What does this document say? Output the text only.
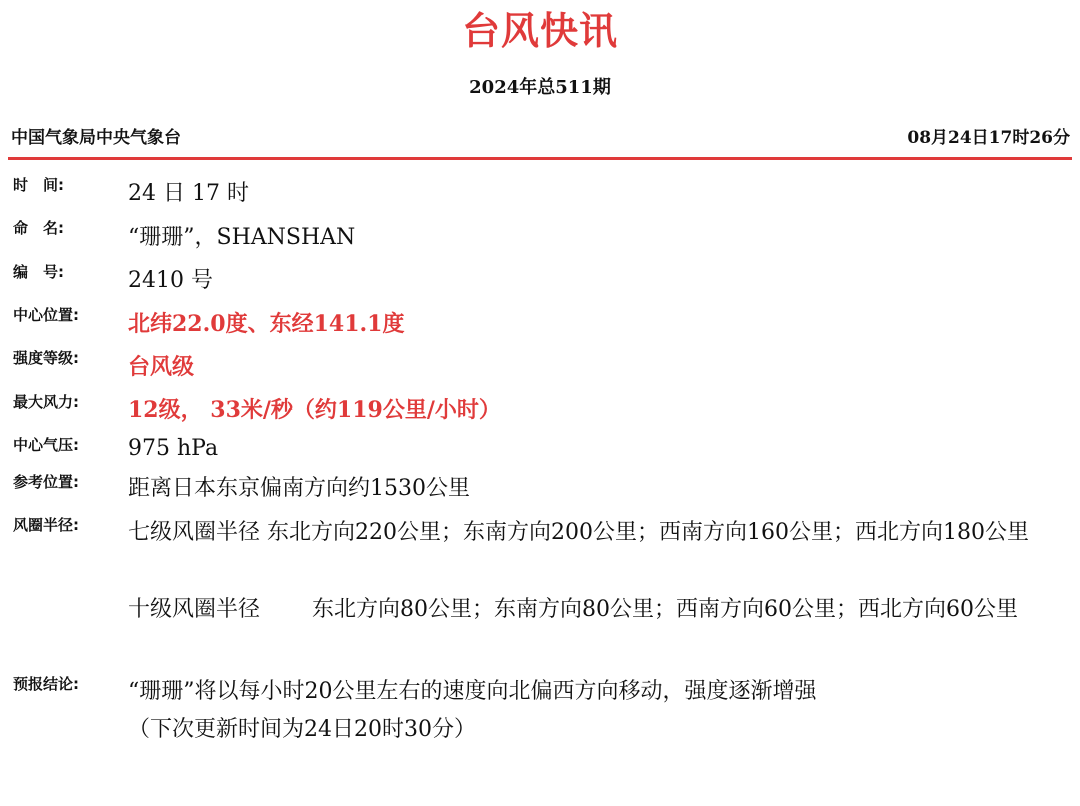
台风快讯
2024年总511期
中国气象局中央气象台	08月24日17时26分
时　间:	24 日 17 时
命　名:	“珊珊”，SHANSHAN
编　号:	2410 号
中心位置:	北纬22.0度、东经141.1度
强度等级:	台风级
最大风力:	12级， 33米/秒（约119公里/小时）
中心气压:	975 hPa
参考位置:	距离日本东京偏南方向约1530公里
风圈半径:	七级风圈半径 东北方向220公里；东南方向200公里；西南方向160公里；西北方向180公里
十级风圈半径 东北方向80公里；东南方向80公里；西南方向60公里；西北方向60公里
预报结论:	“珊珊”将以每小时20公里左右的速度向北偏西方向移动，强度逐渐增强
（下次更新时间为24日20时30分）
